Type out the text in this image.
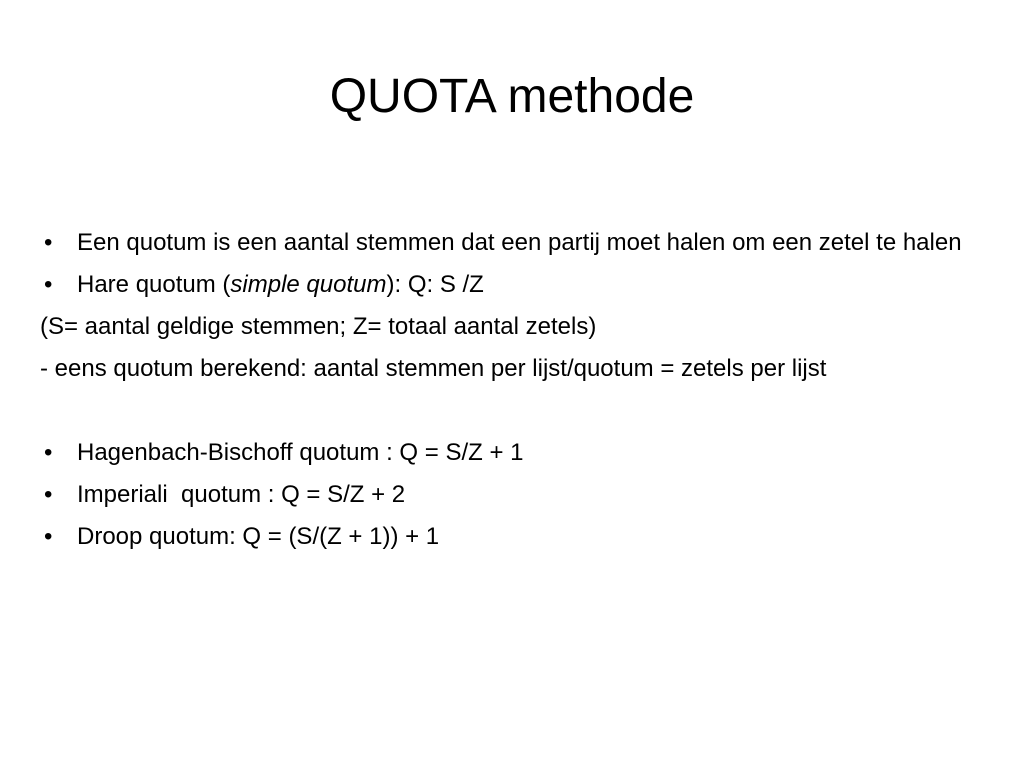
QUOTA methode

•	Een quotum is een aantal stemmen dat een partij moet halen om een zetel te halen

•	Hare quotum (simple quotum): Q: S /Z

(S= aantal geldige stemmen; Z= totaal aantal zetels)

- eens quotum berekend: aantal stemmen per lijst/quotum = zetels per lijst

•	Hagenbach-Bischoff quotum : Q = S/Z + 1

•	Imperiali  quotum : Q = S/Z + 2

•	Droop quotum: Q = (S/(Z + 1)) + 1
